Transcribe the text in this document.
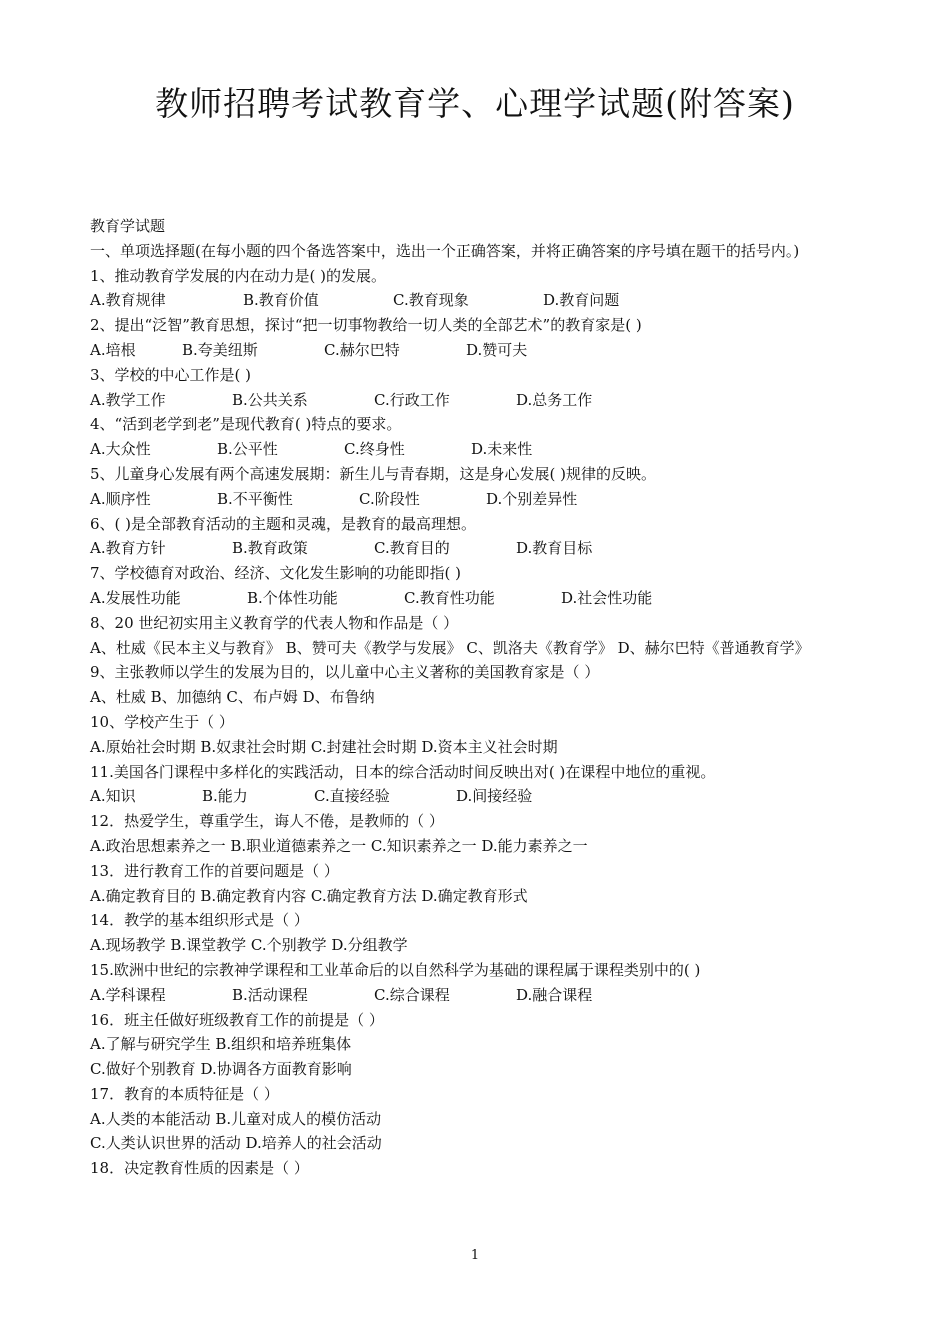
教师招聘考试教育学、心理学试题(附答案)
教育学试题
一、单项选择题(在每小题的四个备选答案中，选出一个正确答案，并将正确答案的序号填在题干的括号内。)
1、推动教育学发展的内在动力是( )的发展。
A.教育规律	B.教育价值	C.教育现象	D.教育问题
2、提出“泛智”教育思想，探讨“把一切事物教给一切人类的全部艺术”的教育家是( )
A.培根	B.夸美纽斯	C.赫尔巴特	D.赞可夫
3、学校的中心工作是( )
A.教学工作	B.公共关系	C.行政工作	D.总务工作
4、“活到老学到老”是现代教育( )特点的要求。
A.大众性	B.公平性	C.终身性	D.未来性
5、儿童身心发展有两个高速发展期：新生儿与青春期，这是身心发展( )规律的反映。
A.顺序性	B.不平衡性	C.阶段性	D.个别差异性
6、( )是全部教育活动的主题和灵魂，是教育的最高理想。
A.教育方针	B.教育政策	C.教育目的	D.教育目标
7、学校德育对政治、经济、文化发生影响的功能即指( )
A.发展性功能	B.个体性功能	C.教育性功能	D.社会性功能
8、20 世纪初实用主义教育学的代表人物和作品是（ ）
A、杜威《民本主义与教育》 B、赞可夫《教学与发展》 C、凯洛夫《教育学》 D、赫尔巴特《普通教育学》
9、主张教师以学生的发展为目的，以儿童中心主义著称的美国教育家是（ ）
A、杜威 B、加德纳 C、布卢姆 D、布鲁纳
10、学校产生于（ ）
A.原始社会时期 B.奴隶社会时期 C.封建社会时期 D.资本主义社会时期
11.美国各门课程中多样化的实践活动，日本的综合活动时间反映出对( )在课程中地位的重视。
A.知识	B.能力	C.直接经验	D.间接经验
12．热爱学生，尊重学生，诲人不倦，是教师的（ ）
A.政治思想素养之一 B.职业道德素养之一 C.知识素养之一 D.能力素养之一
13．进行教育工作的首要问题是（ ）
A.确定教育目的 B.确定教育内容 C.确定教育方法 D.确定教育形式
14．教学的基本组织形式是（ ）
A.现场教学 B.课堂教学 C.个别教学 D.分组教学
15.欧洲中世纪的宗教神学课程和工业革命后的以自然科学为基础的课程属于课程类别中的( )
A.学科课程	B.活动课程	C.综合课程	D.融合课程
16．班主任做好班级教育工作的前提是（ ）
A.了解与研究学生 B.组织和培养班集体
C.做好个别教育 D.协调各方面教育影响
17．教育的本质特征是（ ）
A.人类的本能活动 B.儿童对成人的模仿活动
C.人类认识世界的活动 D.培养人的社会活动
18．决定教育性质的因素是（ ）
1
